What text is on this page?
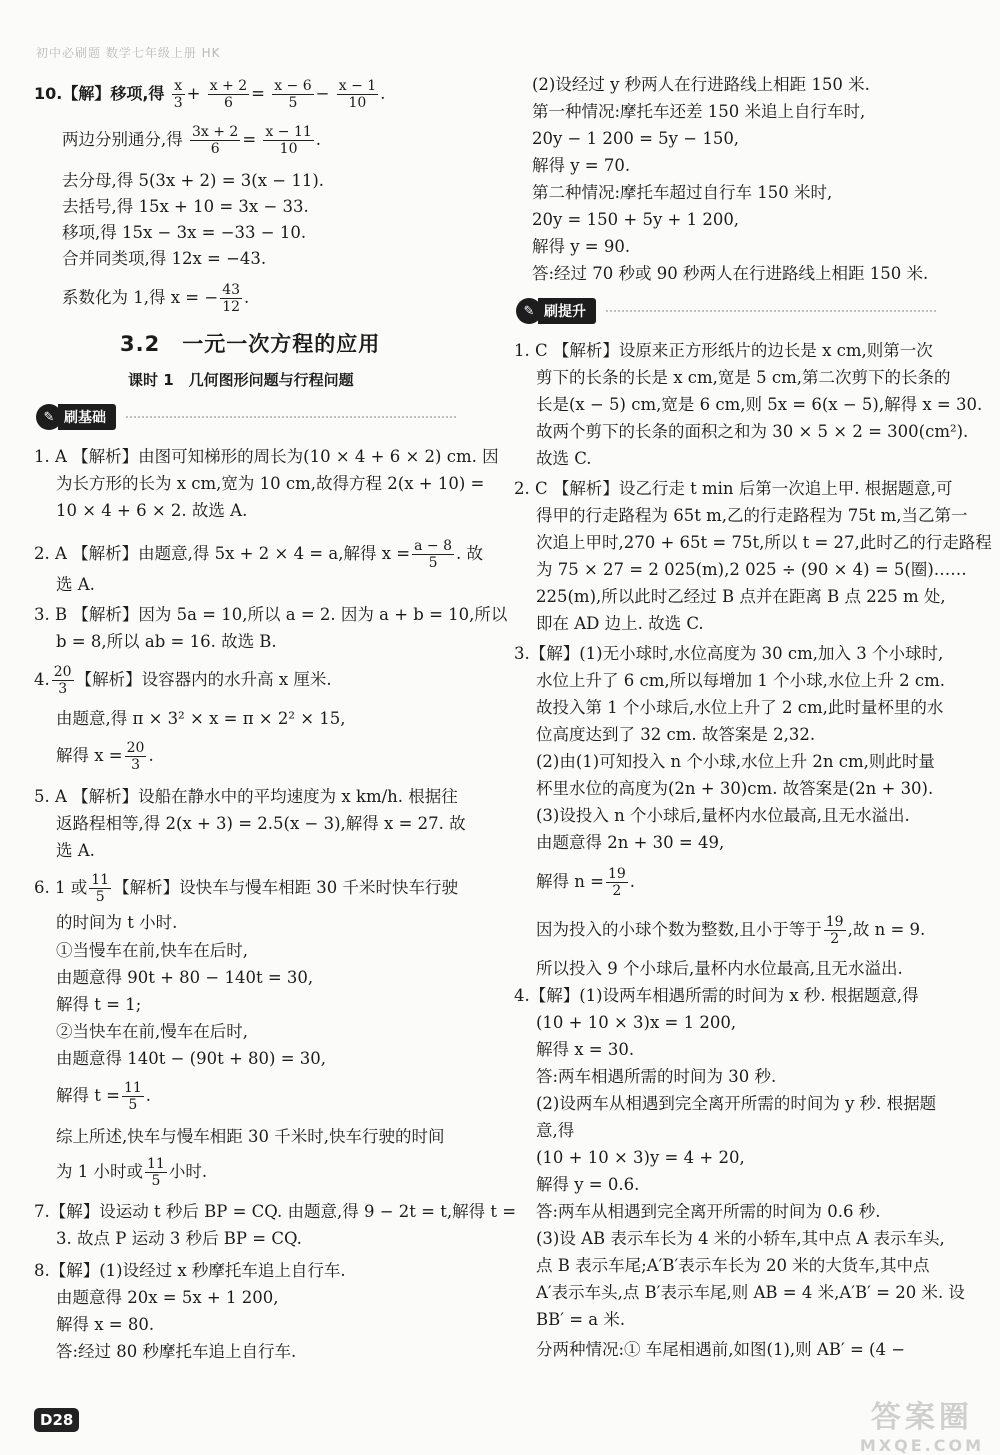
初中必刷题 数学七年级上册 HK
10.【解】移项,得 $\frac{x}{3} + \frac{x + 2}{6} = \frac{x - 6}{5} - \frac{x - 1}{10}$ .
两边分别通分,得 $\frac{3x + 2}{6} = \frac{x - 11}{10}$ .
去分母,得 5(3x + 2) = 3(x − 11).
去括号,得 15x + 10 = 3x − 33.
移项,得 15x − 3x = −33 − 10.
合并同类项,得 12x = −43.
系数化为 1,得 x = − $\frac{43}{12}$ .
3.2　一元一次方程的应用
课时 1　几何图形问题与行程问题
✎ 刷基础
1. A 【解析】由图可知梯形的周长为(10 × 4 + 6 × 2) cm. 因
为长方形的长为 x cm,宽为 10 cm,故得方程 2(x + 10) =
10 × 4 + 6 × 2. 故选 A.
2. A 【解析】由题意,得 5x + 2 × 4 = a,解得 $x = \frac{a - 8}{5}$ . 故
选 A.
3. B 【解析】因为 5a = 10,所以 a = 2. 因为 a + b = 10,所以
b = 8,所以 ab = 16. 故选 B.
4. $\frac{20}{3}$ 【解析】设容器内的水升高 x 厘米.
由题意,得 π × 3² × x = π × 2² × 15,
解得 $x = \frac{20}{3}$ .
5. A 【解析】设船在静水中的平均速度为 x km/h. 根据往
返路程相等,得 2(x + 3) = 2.5(x − 3),解得 x = 27. 故
选 A.
6. 1 或 $\frac{11}{5}$ 【解析】设快车与慢车相距 30 千米时快车行驶
的时间为 t 小时.
①当慢车在前,快车在后时,
由题意得 90t + 80 − 140t = 30,
解得 t = 1;
②当快车在前,慢车在后时,
由题意得 140t − (90t + 80) = 30,
解得 $t = \frac{11}{5}$ .
综上所述,快车与慢车相距 30 千米时,快车行驶的时间
为 1 小时或 $\frac{11}{5}$ 小时.
7.【解】设运动 t 秒后 BP = CQ. 由题意,得 9 − 2t = t,解得 t =
3. 故点 P 运动 3 秒后 BP = CQ.
8.【解】(1)设经过 x 秒摩托车追上自行车.
由题意得 20x = 5x + 1 200,
解得 x = 80.
答:经过 80 秒摩托车追上自行车.
(2)设经过 y 秒两人在行进路线上相距 150 米.
第一种情况:摩托车还差 150 米追上自行车时,
20y − 1 200 = 5y − 150,
解得 y = 70.
第二种情况:摩托车超过自行车 150 米时,
20y = 150 + 5y + 1 200,
解得 y = 90.
答:经过 70 秒或 90 秒两人在行进路线上相距 150 米.
✎ 刷提升
1. C 【解析】设原来正方形纸片的边长是 x cm,则第一次
剪下的长条的长是 x cm,宽是 5 cm,第二次剪下的长条的
长是(x − 5) cm,宽是 6 cm,则 5x = 6(x − 5),解得 x = 30.
故两个剪下的长条的面积之和为 30 × 5 × 2 = 300(cm²).
故选 C.
2. C 【解析】设乙行走 t min 后第一次追上甲. 根据题意,可
得甲的行走路程为 65t m,乙的行走路程为 75t m,当乙第一
次追上甲时,270 + 65t = 75t,所以 t = 27,此时乙的行走路程
为 75 × 27 = 2 025(m),2 025 ÷ (90 × 4) = 5(圈)……
225(m),所以此时乙经过 B 点并在距离 B 点 225 m 处,
即在 AD 边上. 故选 C.
3.【解】(1)无小球时,水位高度为 30 cm,加入 3 个小球时,
水位上升了 6 cm,所以每增加 1 个小球,水位上升 2 cm.
故投入第 1 个小球后,水位上升了 2 cm,此时量杯里的水
位高度达到了 32 cm. 故答案是 2,32.
(2)由(1)可知投入 n 个小球,水位上升 2n cm,则此时量
杯里水位的高度为(2n + 30)cm. 故答案是(2n + 30).
(3)设投入 n 个小球后,量杯内水位最高,且无水溢出.
由题意得 2n + 30 = 49,
解得 $n = \frac{19}{2}$ .
因为投入的小球个数为整数,且小于等于 $\frac{19}{2}$ ,故 n = 9.
所以投入 9 个小球后,量杯内水位最高,且无水溢出.
4.【解】(1)设两车相遇所需的时间为 x 秒. 根据题意,得
(10 + 10 × 3)x = 1 200,
解得 x = 30.
答:两车相遇所需的时间为 30 秒.
(2)设两车从相遇到完全离开所需的时间为 y 秒. 根据题
意,得
(10 + 10 × 3)y = 4 + 20,
解得 y = 0.6.
答:两车从相遇到完全离开所需的时间为 0.6 秒.
(3)设 AB 表示车长为 4 米的小轿车,其中点 A 表示车头,
点 B 表示车尾;A′B′表示车长为 20 米的大货车,其中点
A′表示车头,点 B′表示车尾,则 AB = 4 米,A′B′ = 20 米. 设
BB′ = a 米.
分两种情况:① 车尾相遇前,如图(1),则 AB′ = (4 −
D28	答案圈
MXQE.COM
